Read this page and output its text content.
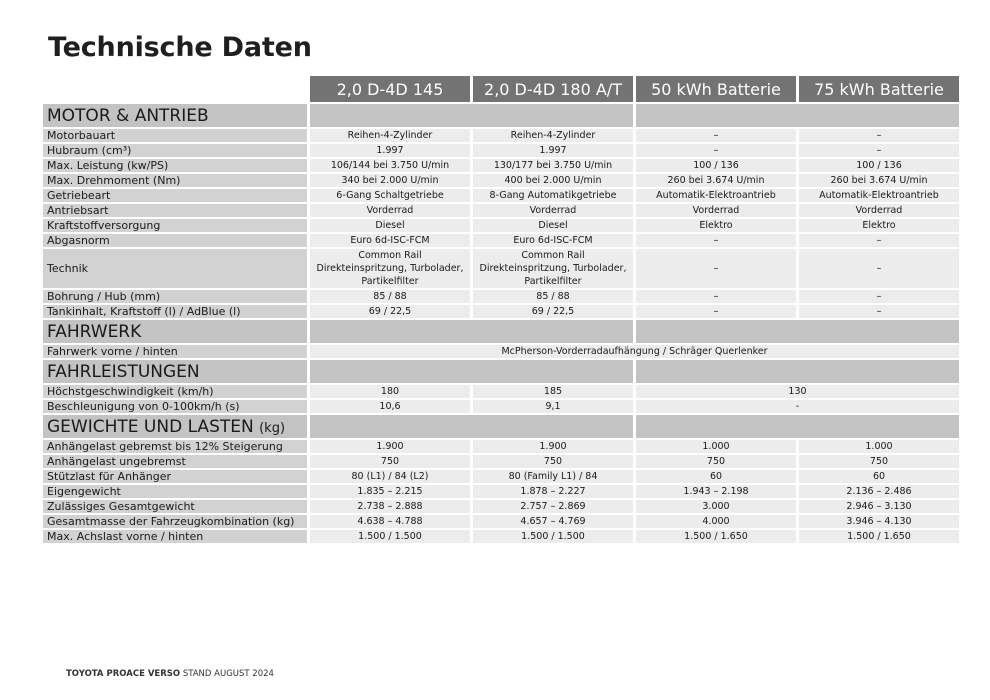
Technische Daten
	2,0 D-4D 145	2,0 D-4D 180 A/T	50 kWh Batterie	75 kWh Batterie
MOTOR & ANTRIEB				
Motorbauart	Reihen-4-Zylinder	Reihen-4-Zylinder	–	–
Hubraum (cm³)	1.997	1.997	–	–
Max. Leistung (kw/PS)	106/144 bei 3.750 U/min	130/177 bei 3.750 U/min	100 / 136	100 / 136
Max. Drehmoment (Nm)	340 bei 2.000 U/min	400 bei 2.000 U/min	260 bei 3.674 U/min	260 bei 3.674 U/min
Getriebeart	6-Gang Schaltgetriebe	8-Gang Automatikgetriebe	Automatik-Elektroantrieb	Automatik-Elektroantrieb
Antriebsart	Vorderrad	Vorderrad	Vorderrad	Vorderrad
Kraftstoffversorgung	Diesel	Diesel	Elektro	Elektro
Abgasnorm	Euro 6d-ISC-FCM	Euro 6d-ISC-FCM	–	–
Technik	Common Rail Direkteinspritzung, Turbolader, Partikelfilter	Common Rail Direkteinspritzung, Turbolader, Partikelfilter	–	–
Bohrung / Hub (mm)	85 / 88	85 / 88	–	–
Tankinhalt, Kraftstoff (l) / AdBlue (l)	69 / 22,5	69 / 22,5	–	–
FAHRWERK				
Fahrwerk vorne / hinten	McPherson-Vorderradaufhängung / Schräger Querlenker			
FAHRLEISTUNGEN				
Höchstgeschwindigkeit (km/h)	180	185	130	
Beschleunigung von 0-100km/h (s)	10,6	9,1	-	
GEWICHTE UND LASTEN (kg)				
Anhängelast gebremst bis 12% Steigerung	1.900	1.900	1.000	1.000
Anhängelast ungebremst	750	750	750	750
Stützlast für Anhänger	80 (L1) / 84 (L2)	80 (Family L1) / 84	60	60
Eigengewicht	1.835 – 2.215	1.878 – 2.227	1.943 – 2.198	2.136 – 2.486
Zulässiges Gesamtgewicht	2.738 – 2.888	2.757 – 2.869	3.000	2.946 – 3.130
Gesamtmasse der Fahrzeugkombination (kg)	4.638 – 4.788	4.657 – 4.769	4.000	3.946 – 4.130
Max. Achslast vorne / hinten	1.500 / 1.500	1.500 / 1.500	1.500 / 1.650	1.500 / 1.650
TOYOTA PROACE VERSO STAND AUGUST 2024
